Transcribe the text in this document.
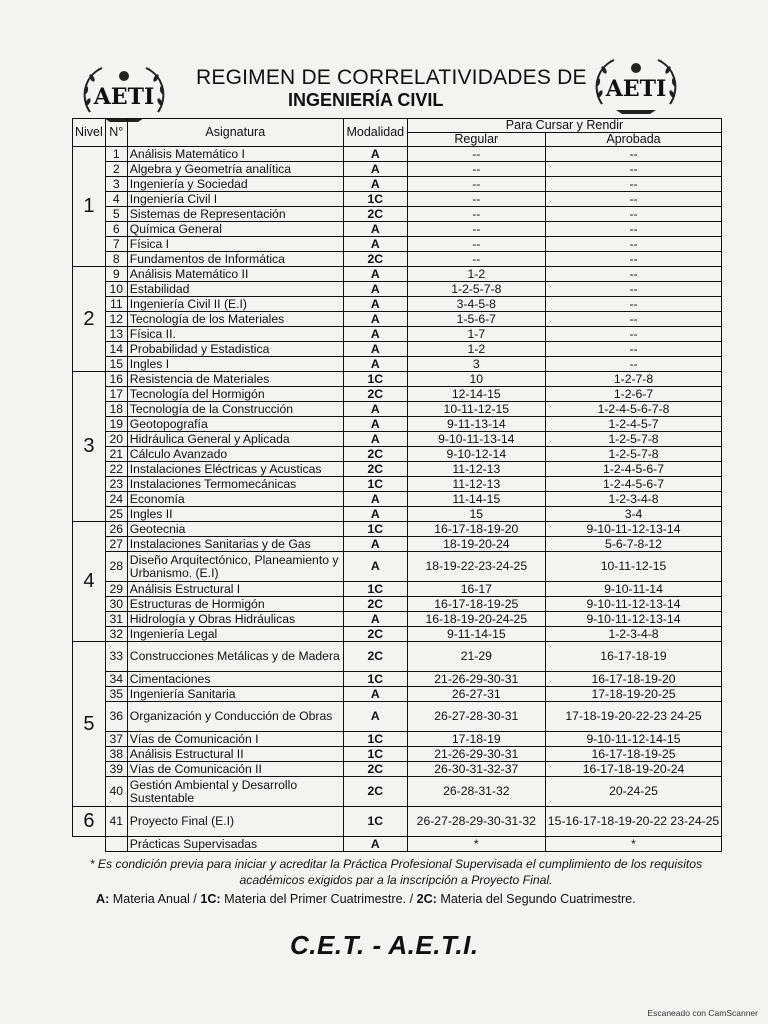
AETI	AETI
REGIMEN DE CORRELATIVIDADES DE
INGENIERÍA CIVIL
Nivel	N°	Asignatura	Modalidad	Para Cursar y Rendir	
				Regular	Aprobada
1	1	Análisis Matemático I	A	--	--
	2	Algebra y Geometría analítica	A	--	--
	3	Ingeniería y Sociedad	A	--	--
	4	Ingeniería Civil I	1C	--	--
	5	Sistemas de Representación	2C	--	--
	6	Química General	A	--	--
	7	Física I	A	--	--
	8	Fundamentos de Informática	2C	--	--
2	9	Análisis Matemático II	A	1-2	--
	10	Estabilidad	A	1-2-5-7-8	--
	11	Ingeniería Civil II (E.I)	A	3-4-5-8	--
	12	Tecnología de los Materiales	A	1-5-6-7	--
	13	Física II.	A	1-7	--
	14	Probabilidad y Estadistica	A	1-2	--
	15	Ingles I	A	3	--
3	16	Resistencia de Materiales	1C	10	1-2-7-8
	17	Tecnología del Hormigón	2C	12-14-15	1-2-6-7
	18	Tecnología de la Construcción	A	10-11-12-15	1-2-4-5-6-7-8
	19	Geotopografía	A	9-11-13-14	1-2-4-5-7
	20	Hidráulica General y Aplicada	A	9-10-11-13-14	1-2-5-7-8
	21	Cálculo Avanzado	2C	9-10-12-14	1-2-5-7-8
	22	Instalaciones Eléctricas y Acusticas	2C	11-12-13	1-2-4-5-6-7
	23	Instalaciones Termomecánicas	1C	11-12-13	1-2-4-5-6-7
	24	Economía	A	11-14-15	1-2-3-4-8
	25	Ingles II	A	15	3-4
4	26	Geotecnia	1C	16-17-18-19-20	9-10-11-12-13-14
	27	Instalaciones Sanitarias y de Gas	A	18-19-20-24	5-6-7-8-12
	28	Diseño Arquitectónico, Planeamiento y Urbanismo. (E.I)	A	18-19-22-23-24-25	10-11-12-15
	29	Análisis Estructural I	1C	16-17	9-10-11-14
	30	Estructuras de Hormigón	2C	16-17-18-19-25	9-10-11-12-13-14
	31	Hidrología y Obras Hidráulicas	A	16-18-19-20-24-25	9-10-11-12-13-14
	32	Ingeniería Legal	2C	9-11-14-15	1-2-3-4-8
5	33	Construcciones Metálicas y de Madera	2C	21-29	16-17-18-19
	34	Cimentaciones	1C	21-26-29-30-31	16-17-18-19-20
	35	Ingeniería Sanitaria	A	26-27-31	17-18-19-20-25
	36	Organización y Conducción de Obras	A	26-27-28-30-31	17-18-19-20-22-23 24-25
	37	Vías de Comunicación I	1C	17-18-19	9-10-11-12-14-15
	38	Análisis Estructural II	1C	21-26-29-30-31	16-17-18-19-25
	39	Vías de Comunicación II	2C	26-30-31-32-37	16-17-18-19-20-24
	40	Gestión Ambiental y Desarrollo Sustentable	2C	26-28-31-32	20-24-25
6	41	Proyecto Final (E.I)	1C	26-27-28-29-30-31-32	15-16-17-18-19-20-22 23-24-25
		Prácticas Supervisadas	A	*	*
* Es condición previa para iniciar y acreditar la Práctica Profesional Supervisada el cumplimiento de los requisitos académicos exigidos par a la inscripción a Proyecto Final.
A: Materia Anual / 1C: Materia del Primer Cuatrimestre. / 2C: Materia del Segundo Cuatrimestre.
C.E.T. - A.E.T.I.
Escaneado con CamScanner
